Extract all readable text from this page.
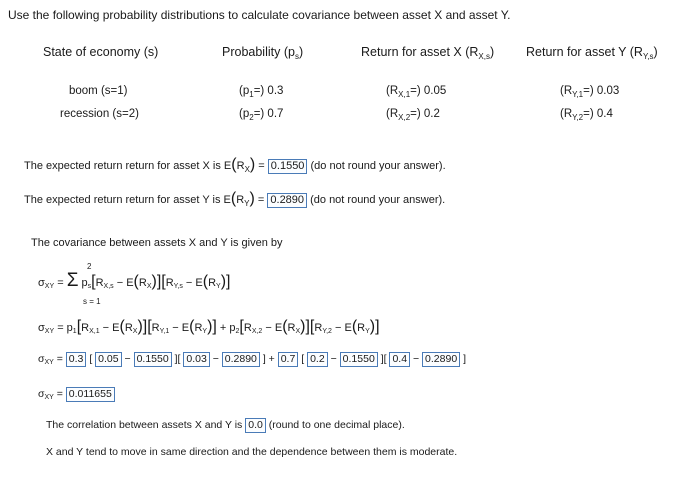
Use the following probability distributions to calculate covariance between asset X and asset Y.
State of economy (s)	Probability $(p_s)$	Return for asset X $(R_{X,s})$	Return for asset Y $(R_{Y,s})$
boom (s=1)	$(p_1=)$ 0.3	$(R_{X,1}=)$ 0.05	$(R_{Y,1}=)$ 0.03
recession (s=2)	$(p_2=)$ 0.7	$(R_{X,2}=)$ 0.2	$(R_{Y,2}=)$ 0.4
The expected return return for asset X is $E(R_X) = 0.1550$ (do not round your answer).
The expected return return for asset Y is $E(R_Y) = 0.2890$ (do not round your answer).
The covariance between assets X and Y is given by
2
σXY = Σ ps[RX,s − E(RX)][RY,s − E(RY)]
s = 1
σXY = p1[RX,1 − E(RX)][RY,1 − E(RY)] + p2[RX,2 − E(RX)][RY,2 − E(RY)]
σXY = 0.3 [ 0.05 − 0.1550 ][ 0.03 − 0.2890 ] + 0.7 [ 0.2 − 0.1550 ][ 0.4 − 0.2890 ]
σXY = 0.011655
The correlation between assets X and Y is 0.0 (round to one decimal place).
X and Y tend to move in same direction and the dependence between them is moderate.
